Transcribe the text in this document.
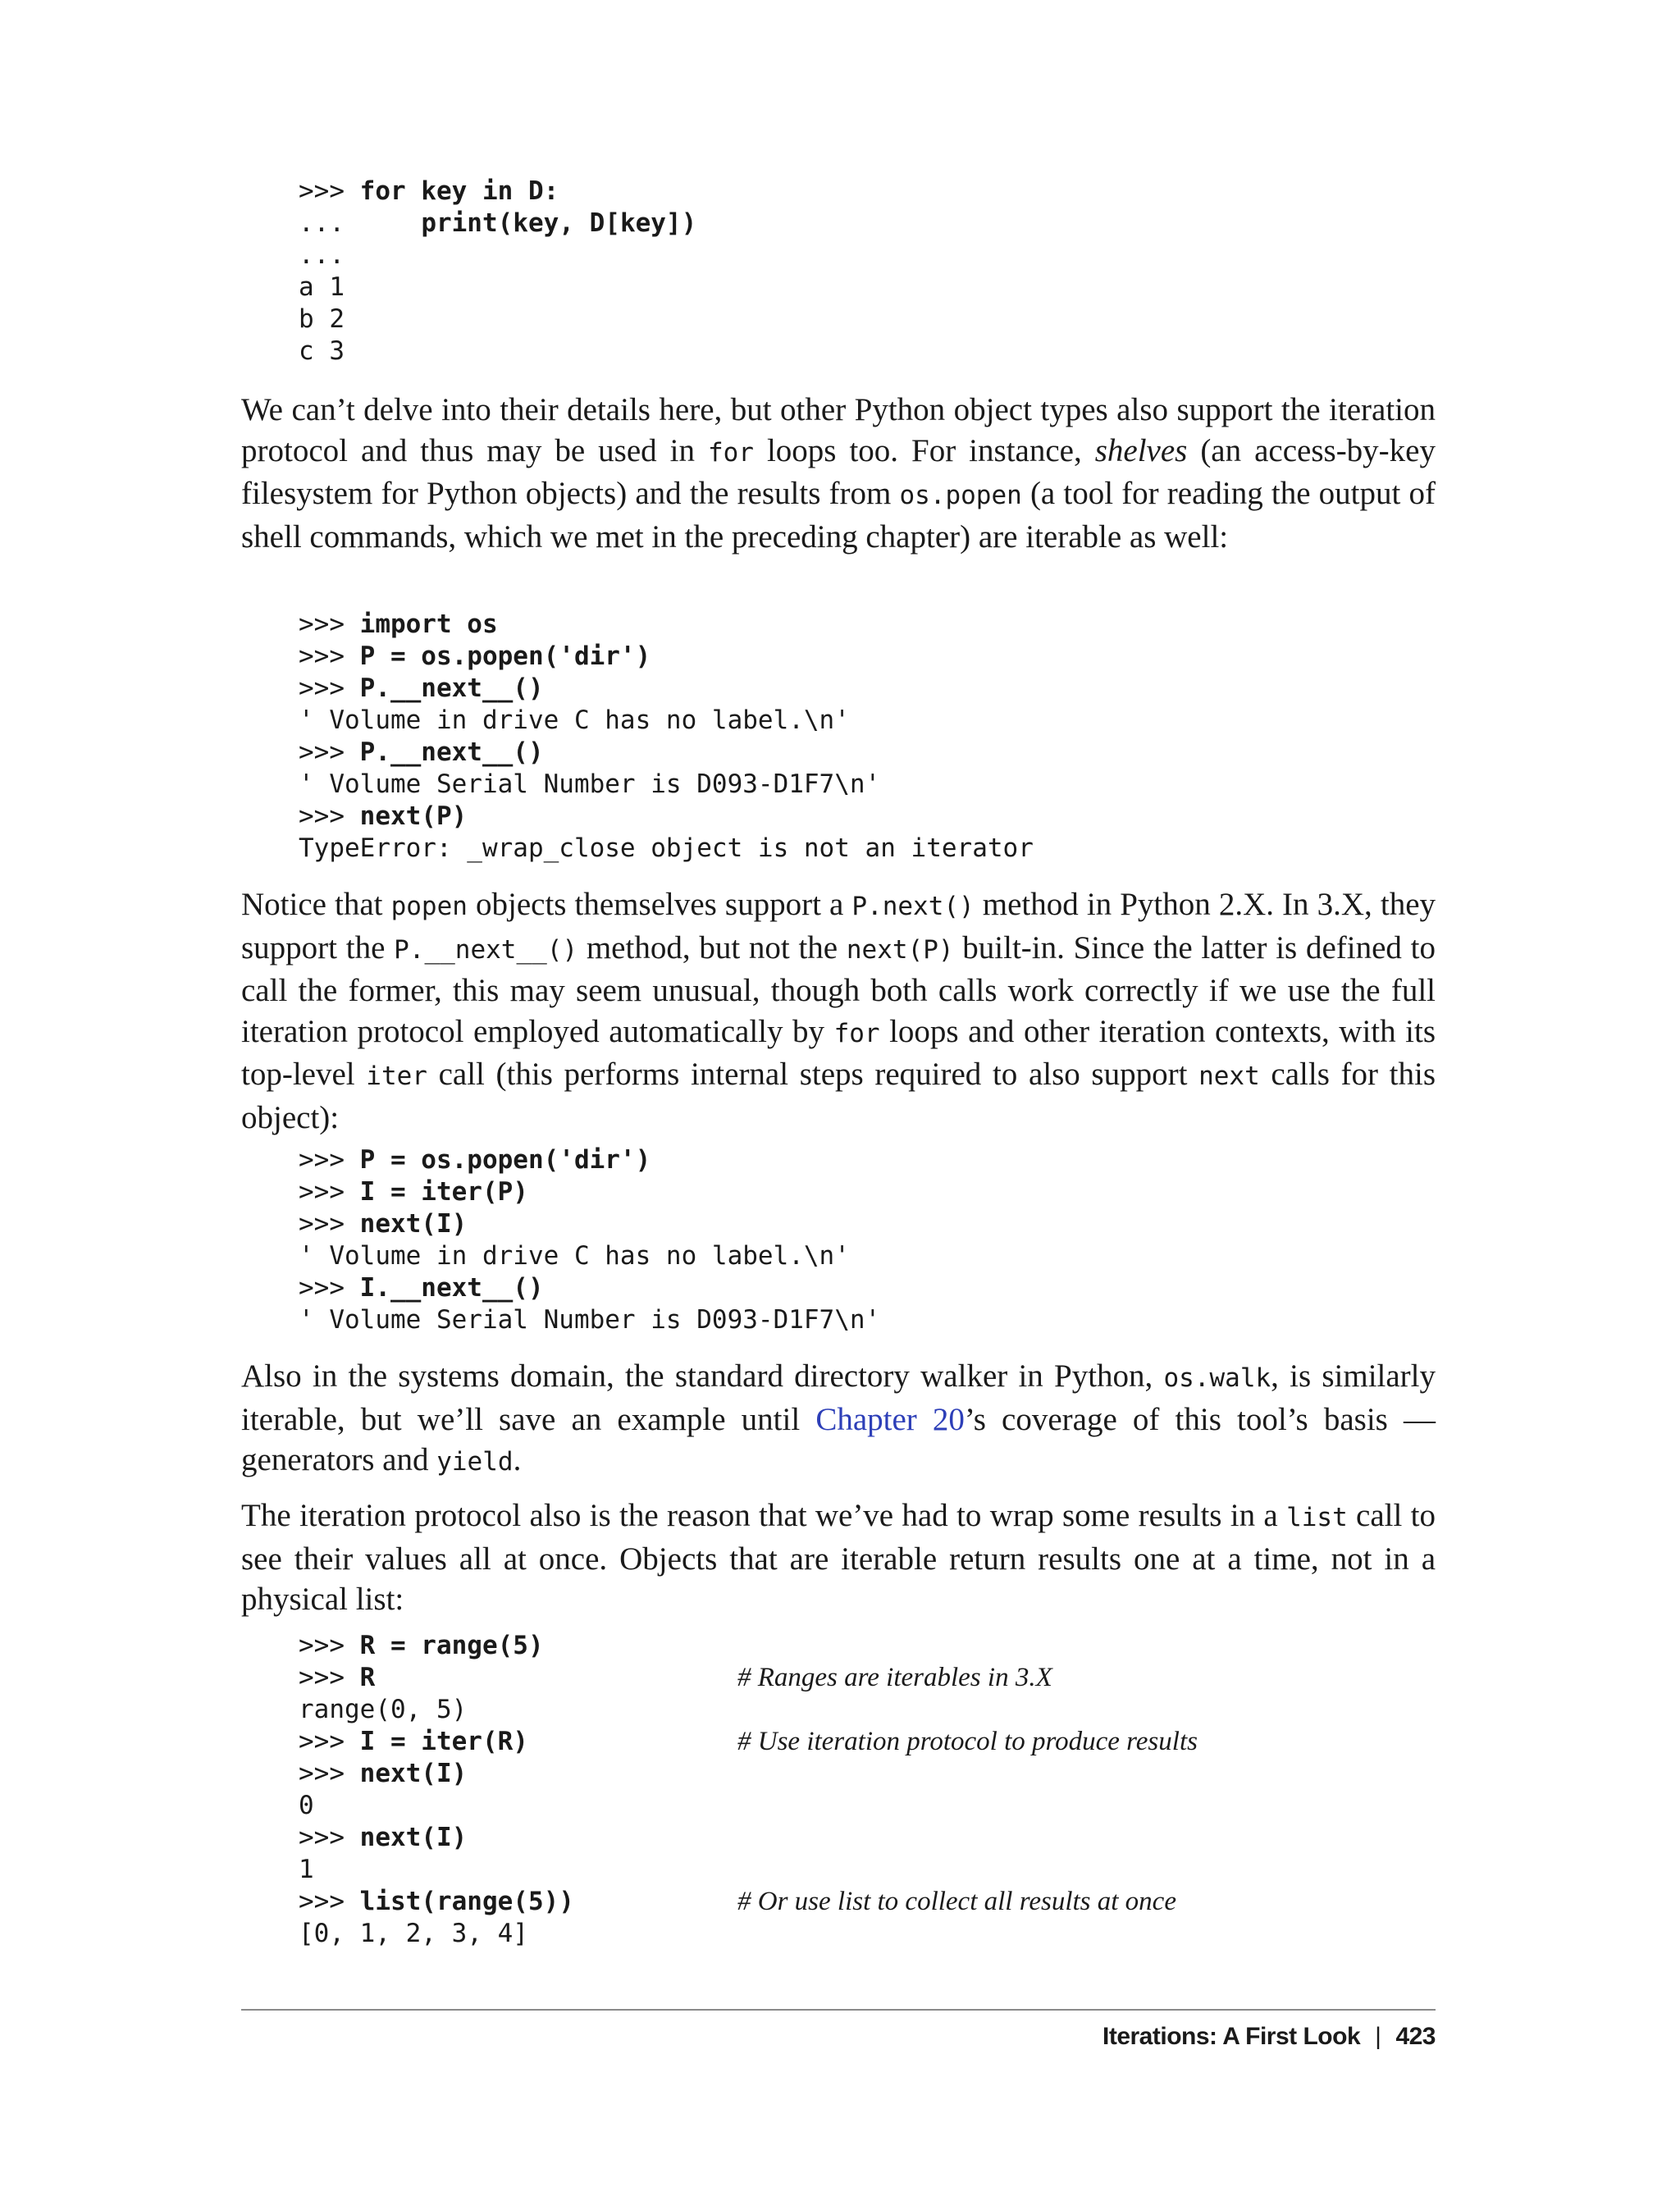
>>> for key in D:
...     print(key, D[key])
...
a 1
b 2
c 3

We can’t delve into their details here, but other Python object types also support the iteration protocol and thus may be used in for loops too. For instance, shelves (an access-by-key filesystem for Python objects) and the results from os.popen (a tool for reading the output of shell commands, which we met in the preceding chapter) are iterable as well:

>>> import os
>>> P = os.popen('dir')
>>> P.__next__()
' Volume in drive C has no label.\n'
>>> P.__next__()
' Volume Serial Number is D093-D1F7\n'
>>> next(P)
TypeError: _wrap_close object is not an iterator

Notice that popen objects themselves support a P.next() method in Python 2.X. In 3.X, they support the P.__next__() method, but not the next(P) built-in. Since the latter is defined to call the former, this may seem unusual, though both calls work correctly if we use the full iteration protocol employed automatically by for loops and other iteration contexts, with its top-level iter call (this performs internal steps required to also support next calls for this object):

>>> P = os.popen('dir')
>>> I = iter(P)
>>> next(I)
' Volume in drive C has no label.\n'
>>> I.__next__()
' Volume Serial Number is D093-D1F7\n'

Also in the systems domain, the standard directory walker in Python, os.walk, is similarly iterable, but we’ll save an example until Chapter 20’s coverage of this tool’s basis —generators and yield.

The iteration protocol also is the reason that we’ve had to wrap some results in a list call to see their values all at once. Objects that are iterable return results one at a time, not in a physical list:

>>> R = range(5)
>>> R	# Ranges are iterables in 3.X
range(0, 5)
>>> I = iter(R)	# Use iteration protocol to produce results
>>> next(I)
0
>>> next(I)
1
>>> list(range(5))	# Or use list to collect all results at once
[0, 1, 2, 3, 4]
Iterations: A First Look | 423
